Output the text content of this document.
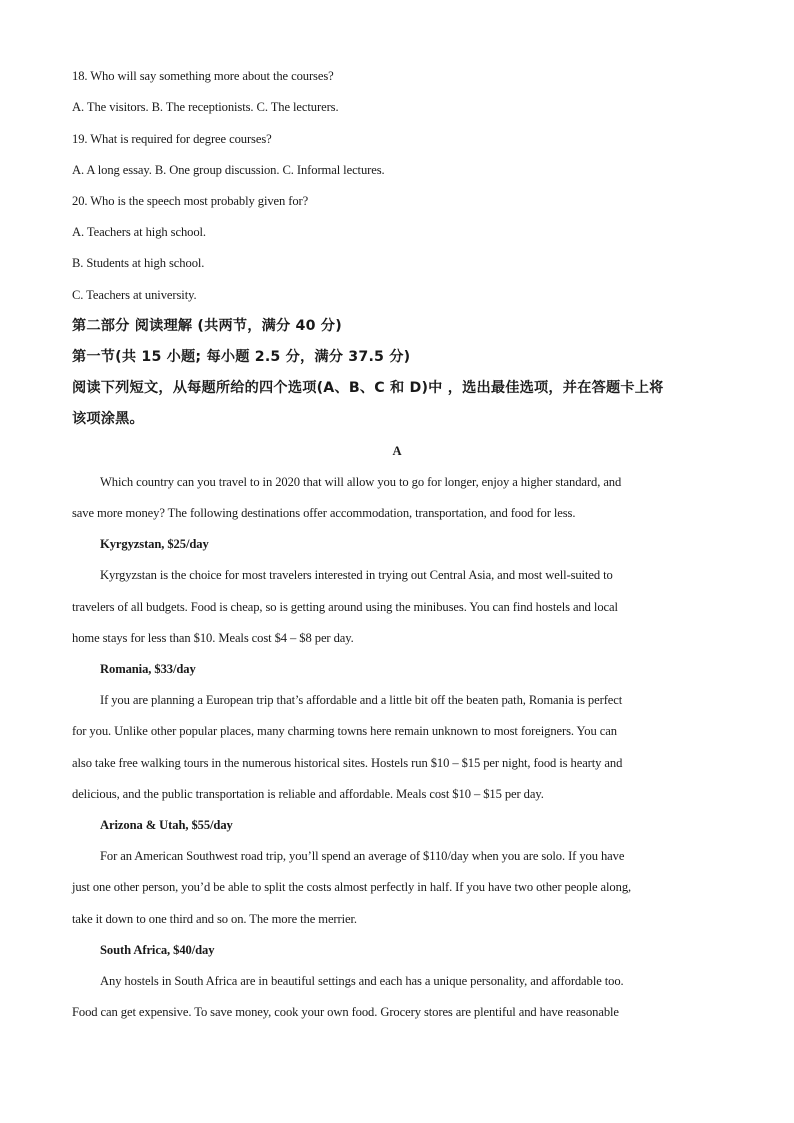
18. Who will say something more about the courses?
A. The visitors. B. The receptionists. C. The lecturers.
19. What is required for degree courses?
A. A long essay. B. One group discussion. C. Informal lectures.
20. Who is the speech most probably given for?
A. Teachers at high school.
B. Students at high school.
C. Teachers at university.
第二部分 阅读理解 (共两节，满分 40 分)
第一节(共 15 小题; 每小题 2.5 分，满分 37.5 分)
阅读下列短文，从每题所给的四个选项(A、B、C 和 D)中 ，选出最佳选项，并在答题卡上将
该项涂黑。
A
Which country can you travel to in 2020 that will allow you to go for longer, enjoy a higher standard, and
save more money? The following destinations offer accommodation, transportation, and food for less.
Kyrgyzstan, $25/day
Kyrgyzstan is the choice for most travelers interested in trying out Central Asia, and most well-suited to
travelers of all budgets. Food is cheap, so is getting around using the minibuses. You can find hostels and local
home stays for less than $10. Meals cost $4 – $8 per day.
Romania, $33/day
If you are planning a European trip that’s affordable and a little bit off the beaten path, Romania is perfect
for you. Unlike other popular places, many charming towns here remain unknown to most foreigners. You can
also take free walking tours in the numerous historical sites. Hostels run $10 – $15 per night, food is hearty and
delicious, and the public transportation is reliable and affordable. Meals cost $10 – $15 per day.
Arizona & Utah, $55/day
For an American Southwest road trip, you’ll spend an average of $110/day when you are solo. If you have
just one other person, you’d be able to split the costs almost perfectly in half. If you have two other people along,
take it down to one third and so on. The more the merrier.
South Africa, $40/day
Any hostels in South Africa are in beautiful settings and each has a unique personality, and affordable too.
Food can get expensive. To save money, cook your own food. Grocery stores are plentiful and have reasonable
